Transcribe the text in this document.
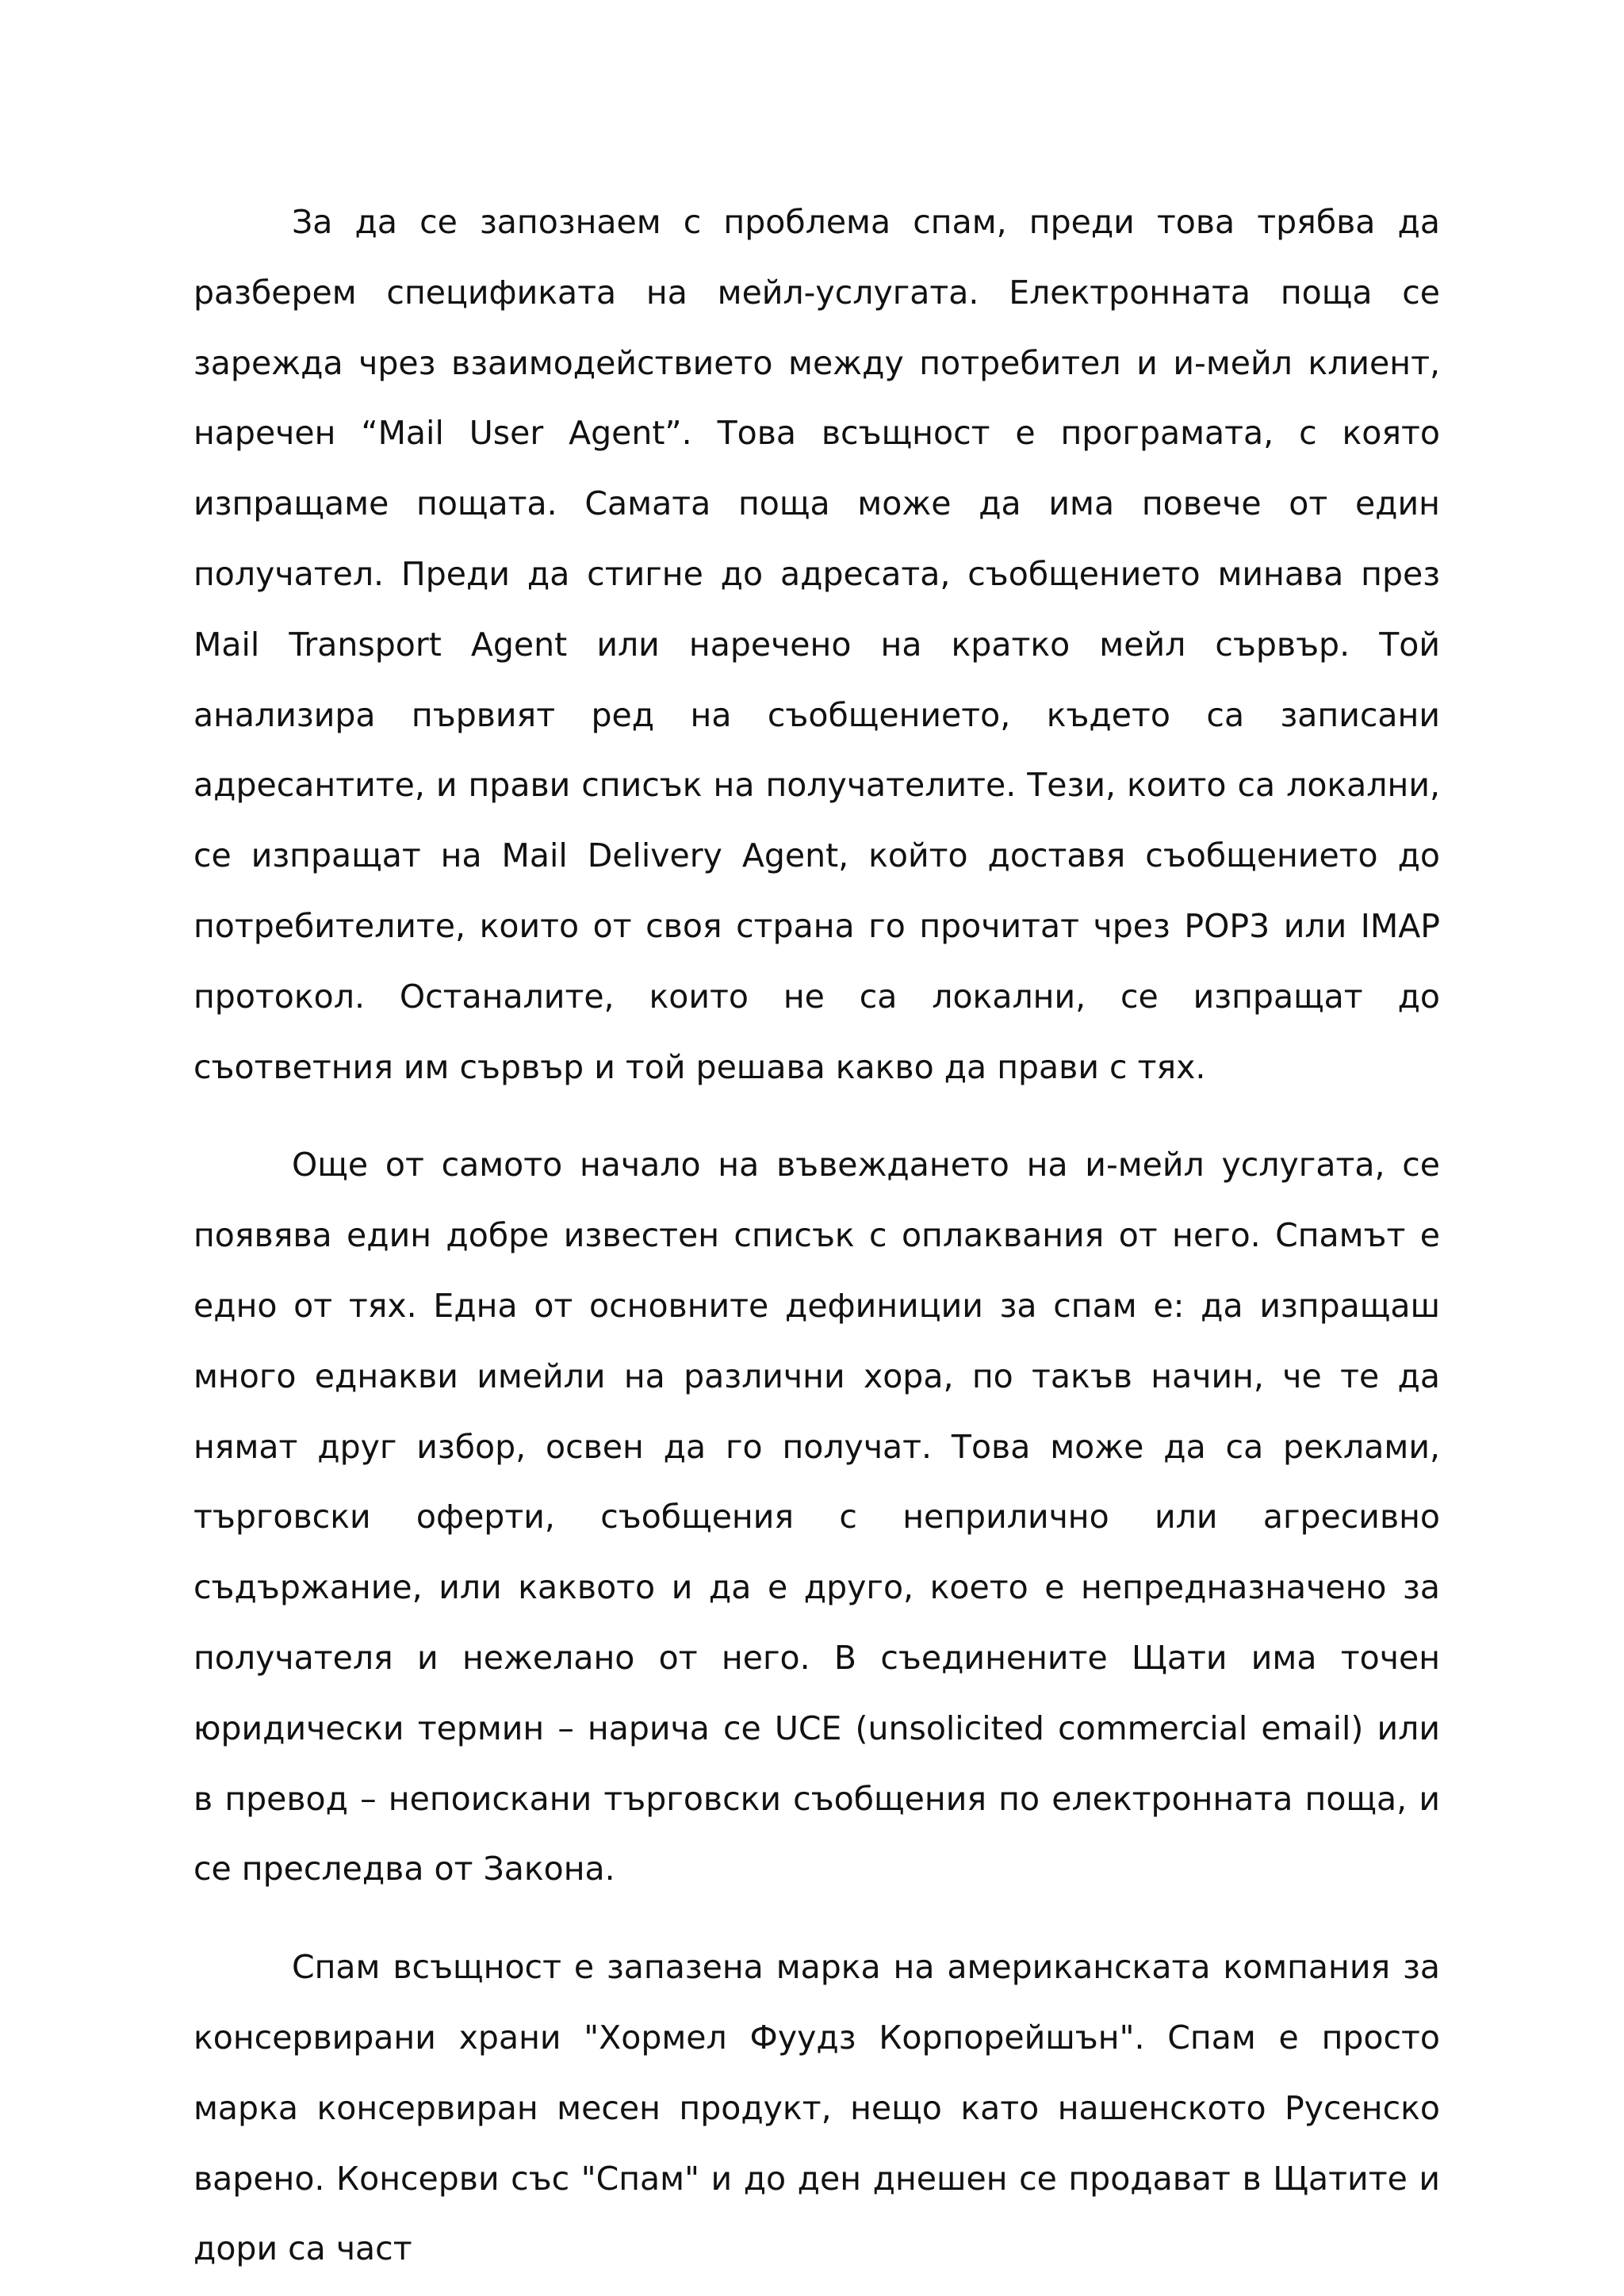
За да се запознаем с проблема спам, преди това трябва да разберем спецификата на мейл-услугата. Електронната поща се зарежда чрез взаимодействието между потребител и и-мейл клиент, наречен “Mail User Agent”. Това всъщност е програмата, с която изпращаме пощата. Самата поща може да има повече от един получател. Преди да стигне до адресата, съобщението минава през Mail Transport Agent или наречено на кратко мейл сървър. Той анализира първият ред на съобщението, където са записани адресантите, и прави списък на получателите. Тези, които са локални, се изпращат на Mail Delivery Agent, който доставя съобщението до потребителите, които от своя страна го прочитат чрез POP3 или IMAP протокол. Останалите, които не са локални, се изпращат до съответния им сървър и той решава какво да прави с тях.

Още от самото начало на въвеждането на и-мейл услугата, се появява един добре известен списък с оплаквания от него. Спамът е едно от тях. Една от основните дефиниции за спам е: да изпращаш много еднакви имейли на различни хора, по такъв начин, че те да нямат друг избор, освен да го получат. Това може да са реклами, търговски оферти, съобщения с неприлично или агресивно съдържание, или каквото и да е друго, което е непредназначено за получателя и нежелано от него. В съединените Щати има точен юридически термин – нарича се UCE (unsolicited commercial email) или в превод – непоискани търговски съобщения по електронната поща, и се преследва от Закона.

Спам всъщност е запазена марка на американската компания за консервирани храни "Хормел Фуудз Корпорейшън". Спам е просто марка консервиран месен продукт, нещо като нашенското Русенско варено. Консерви със "Спам" и до ден днешен се продават в Щатите и дори са част
